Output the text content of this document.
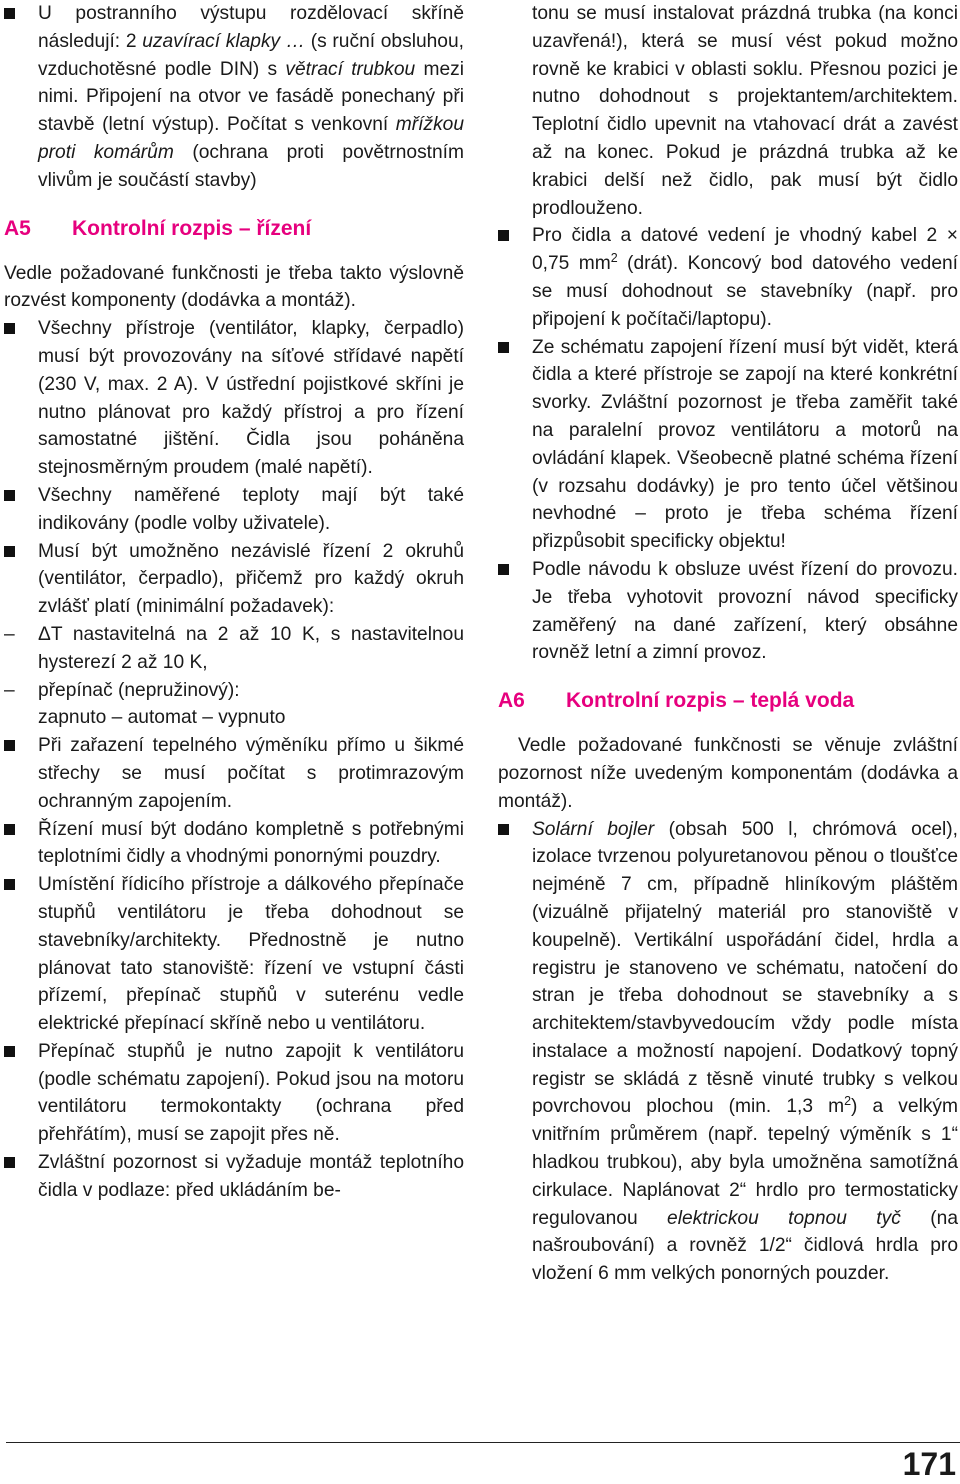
U postranního výstupu rozdělovací skříně následují: 2 uzavírací klapky … (s ruční obsluhou, vzduchotěsné podle DIN) s větrací trubkou mezi nimi. Připojení na otvor ve fasádě ponechaný při stavbě (letní výstup). Počítat s venkovní mřížkou proti komárům (ochrana proti povětrnostním vlivům je součástí stavby)

A5	Kontrolní rozpis – řízení

Vedle požadované funkčnosti je třeba takto výslovně rozvést komponenty (dodávka a montáž).

Všechny přístroje (ventilátor, klapky, čerpadlo) musí být provozovány na síťové střídavé napětí (230 V, max. 2 A). V ústřední pojistkové skříni je nutno plánovat pro každý přístroj a pro řízení samostatné jištění. Čidla jsou poháněna stejnosměrným proudem (malé napětí).

Všechny naměřené teploty mají být také indikovány (podle volby uživatele).

Musí být umožněno nezávislé řízení 2 okruhů (ventilátor, čerpadlo), přičemž pro každý okruh zvlášť platí (minimální požadavek):

– ΔT nastavitelná na 2 až 10 K, s nastavitelnou hysterezí 2 až 10 K,

– přepínač (nepružinový):

zapnuto – automat – vypnuto

Při zařazení tepelného výměníku přímo u šikmé střechy se musí počítat s protimrazovým ochranným zapojením.

Řízení musí být dodáno kompletně s potřebnými teplotními čidly a vhodnými ponornými pouzdry.

Umístění řídicího přístroje a dálkového přepínače stupňů ventilátoru je třeba dohodnout se stavebníky/architekty. Přednostně je nutno plánovat tato stanoviště: řízení ve vstupní části přízemí, přepínač stupňů v suterénu vedle elektrické přepínací skříně nebo u ventilátoru.

Přepínač stupňů je nutno zapojit k ventilátoru (podle schématu zapojení). Pokud jsou na motoru ventilátoru termokontakty (ochrana před přehřátím), musí se zapojit přes ně.

Zvláštní pozornost si vyžaduje montáž teplotního čidla v podlaze: před ukládáním be-

tonu se musí instalovat prázdná trubka (na konci uzavřená!), která se musí vést pokud možno rovně ke krabici v oblasti soklu. Přesnou pozici je nutno dohodnout s projektantem/architektem. Teplotní čidlo upevnit na vtahovací drát a zavést až na konec. Pokud je prázdná trubka až ke krabici delší než čidlo, pak musí být čidlo prodlouženo.

Pro čidla a datové vedení je vhodný kabel 2 × 0,75 $mm^2$ (drát). Koncový bod datového vedení se musí dohodnout se stavebníky (např. pro připojení k počítači/laptopu).

Ze schématu zapojení řízení musí být vidět, která čidla a které přístroje se zapojí na které konkrétní svorky. Zvláštní pozornost je třeba zaměřit také na paralelní provoz ventilátoru a motorů na ovládání klapek. Všeobecně platné schéma řízení (v rozsahu dodávky) je pro tento účel většinou nevhodné – proto je třeba schéma řízení přizpůsobit specificky objektu!

Podle návodu k obsluze uvést řízení do provozu. Je třeba vyhotovit provozní návod specificky zaměřený na dané zařízení, který obsáhne rovněž letní a zimní provoz.

A6	Kontrolní rozpis – teplá voda

Vedle požadované funkčnosti se věnuje zvláštní pozornost níže uvedeným komponentám (dodávka a montáž).

Solární bojler (obsah 500 l, chrómová ocel), izolace tvrzenou polyuretanovou pěnou o tloušťce nejméně 7 cm, případně hliníkovým pláštěm (vizuálně přijatelný materiál pro stanoviště v koupelně). Vertikální uspořádání čidel, hrdla a registru je stanoveno ve schématu, natočení do stran je třeba dohodnout se stavebníky a s architektem/stavbyvedoucím vždy podle místa instalace a možností napojení. Dodatkový topný registr se skládá z těsně vinuté trubky s velkou povrchovou plochou (min. 1,3 $m^2$) a velkým vnitřním průměrem (např. tepelný výměník s 1“ hladkou trubkou), aby byla umožněna samotížná cirkulace. Naplánovat 2“ hrdlo pro termostaticky regulovanou elektrickou topnou tyč (na našroubování) a rovněž 1/2“ čidlová hrdla pro vložení 6 mm velkých ponorných pouzder.

171
